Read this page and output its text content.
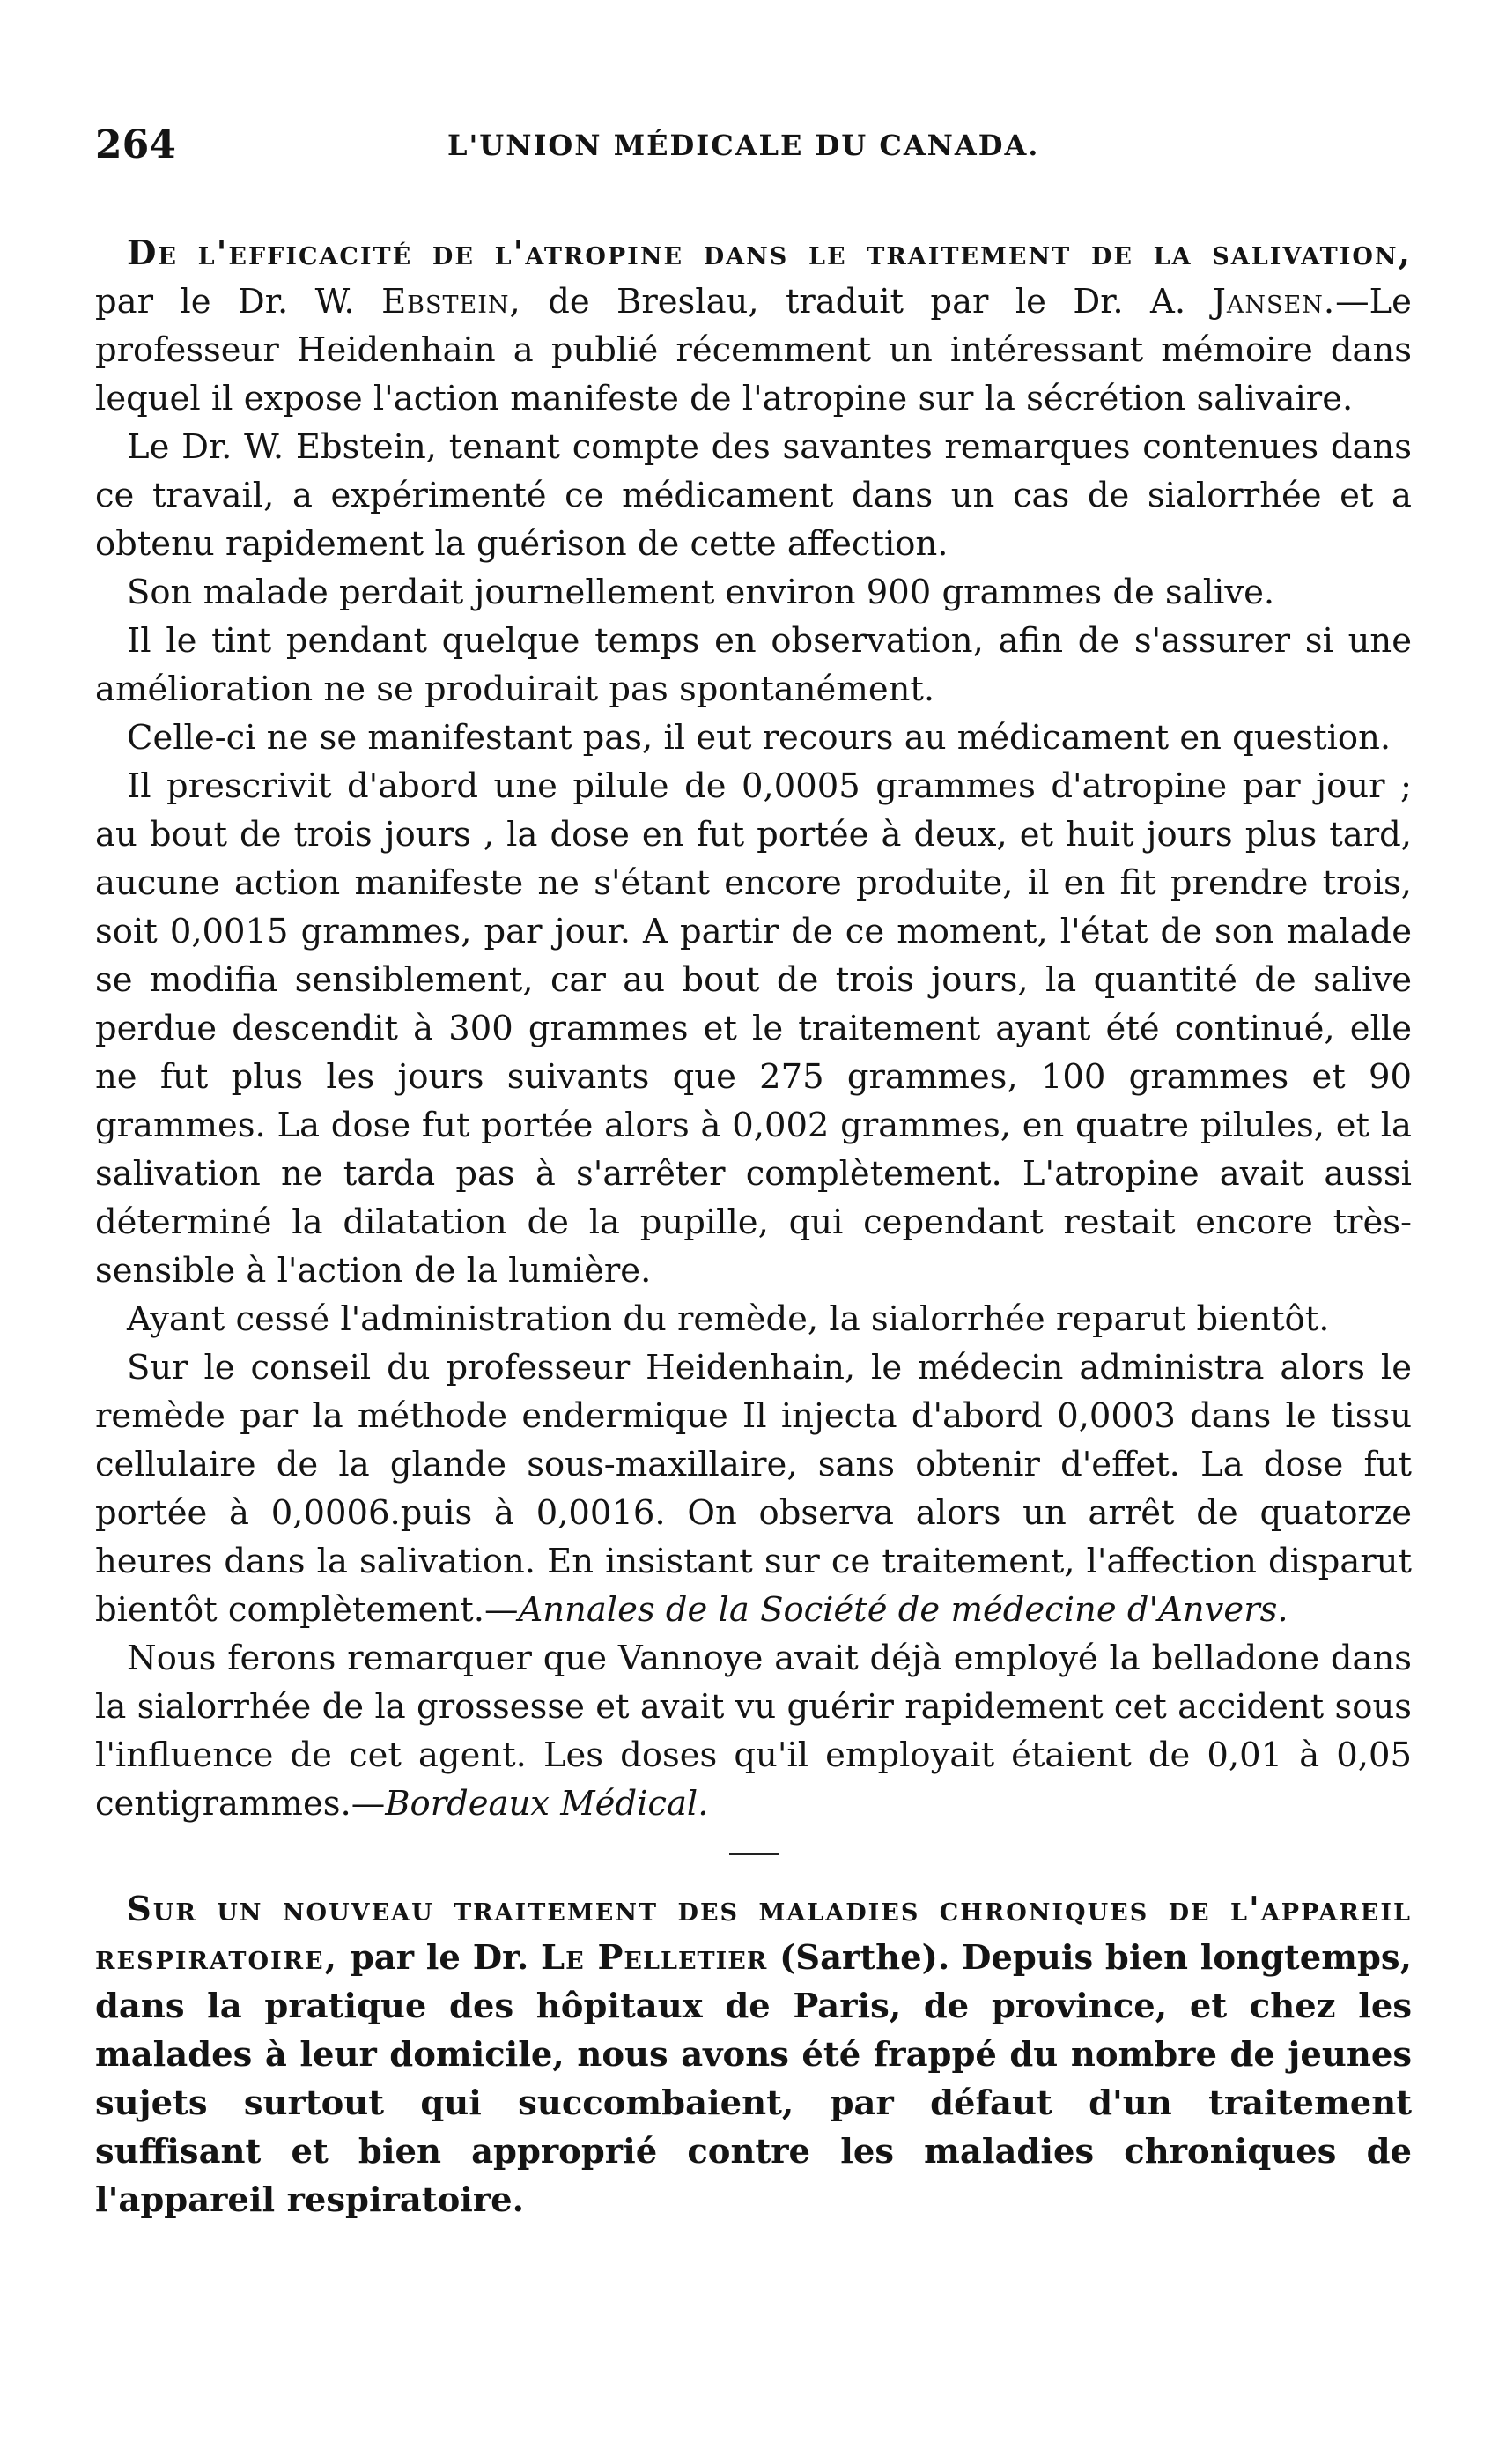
264	L'UNION MÉDICALE DU CANADA.

De l'efficacité de l'atropine dans le traitement de la salivation, par le Dr. W. Ebstein, de Breslau, traduit par le Dr. A. Jansen.—Le professeur Heidenhain a publié récemment un intéressant mémoire dans lequel il expose l'action manifeste de l'atropine sur la sécrétion salivaire.

Le Dr. W. Ebstein, tenant compte des savantes remarques contenues dans ce travail, a expérimenté ce médicament dans un cas de sialorrhée et a obtenu rapidement la guérison de cette affection.

Son malade perdait journellement environ 900 grammes de salive.

Il le tint pendant quelque temps en observation, afin de s'assurer si une amélioration ne se produirait pas spontanément.

Celle-ci ne se manifestant pas, il eut recours au médicament en question.

Il prescrivit d'abord une pilule de 0,0005 grammes d'atropine par jour ; au bout de trois jours , la dose en fut portée à deux, et huit jours plus tard, aucune action manifeste ne s'étant encore produite, il en fit prendre trois, soit 0,0015 grammes, par jour. A partir de ce moment, l'état de son malade se modifia sensiblement, car au bout de trois jours, la quantité de salive perdue descendit à 300 grammes et le traitement ayant été continué, elle ne fut plus les jours suivants que 275 grammes, 100 grammes et 90 grammes. La dose fut portée alors à 0,002 grammes, en quatre pilules, et la salivation ne tarda pas à s'arrêter complètement. L'atropine avait aussi déterminé la dilatation de la pupille, qui cependant restait encore très-sensible à l'action de la lumière.

Ayant cessé l'administration du remède, la sialorrhée reparut bientôt.

Sur le conseil du professeur Heidenhain, le médecin administra alors le remède par la méthode endermique Il injecta d'abord 0,0003 dans le tissu cellulaire de la glande sous-maxillaire, sans obtenir d'effet. La dose fut portée à 0,0006.puis à 0,0016. On observa alors un arrêt de quatorze heures dans la salivation. En insistant sur ce traitement, l'affection disparut bientôt complètement.—Annales de la Société de médecine d'Anvers.

Nous ferons remarquer que Vannoye avait déjà employé la belladone dans la sialorrhée de la grossesse et avait vu guérir rapidement cet accident sous l'influence de cet agent. Les doses qu'il employait étaient de 0,01 à 0,05 centigrammes.—Bordeaux Médical.

Sur un nouveau traitement des maladies chroniques de l'appareil respiratoire, par le Dr. Le Pelletier (Sarthe). Depuis bien longtemps, dans la pratique des hôpitaux de Paris, de province, et chez les malades à leur domicile, nous avons été frappé du nombre de jeunes sujets surtout qui succombaient, par défaut d'un traitement suffisant et bien approprié contre les maladies chroniques de l'appareil respiratoire.
